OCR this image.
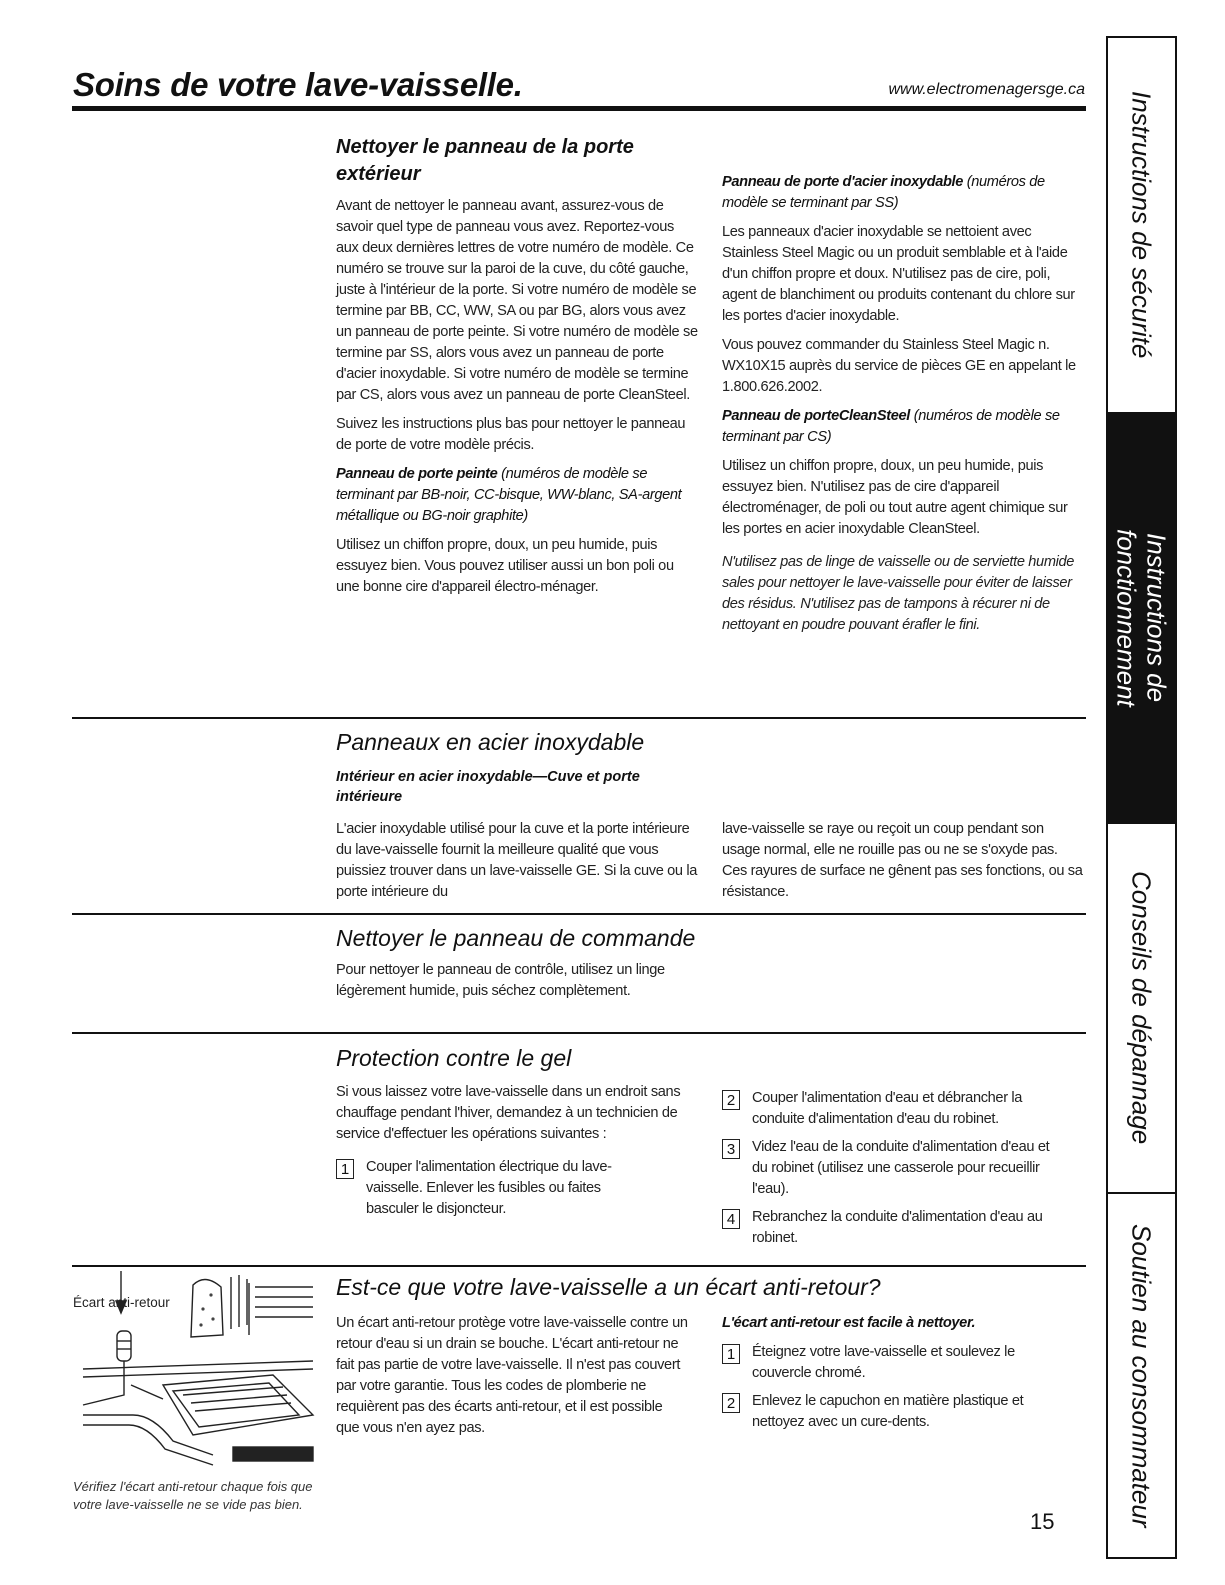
Soins de votre lave-vaisselle.	www.electromenagersge.ca
Nettoyer le panneau de la porte extérieur

Avant de nettoyer le panneau avant, assurez-vous de savoir quel type de panneau vous avez. Reportez-vous aux deux dernières lettres de votre numéro de modèle. Ce numéro se trouve sur la paroi de la cuve, du côté gauche, juste à l'intérieur de la porte. Si votre numéro de modèle se termine par BB, CC, WW, SA ou par BG, alors vous avez un panneau de porte peinte. Si votre numéro de modèle se termine par SS, alors vous avez un panneau de porte d'acier inoxydable. Si votre numéro de modèle se termine par CS, alors vous avez un panneau de porte CleanSteel.

Suivez les instructions plus bas pour nettoyer le panneau de porte de votre modèle précis.

Panneau de porte peinte (numéros de modèle se terminant par BB-noir, CC-bisque, WW-blanc, SA-argent métallique ou BG-noir graphite)

Utilisez un chiffon propre, doux, un peu humide, puis essuyez bien. Vous pouvez utiliser aussi un bon poli ou une bonne cire d'appareil électro-ménager.

Panneau de porte d'acier inoxydable (numéros de modèle se terminant par SS)

Les panneaux d'acier inoxydable se nettoient avec Stainless Steel Magic ou un produit semblable et à l'aide d'un chiffon propre et doux. N'utilisez pas de cire, poli, agent de blanchiment ou produits contenant du chlore sur les portes d'acier inoxydable.

Vous pouvez commander du Stainless Steel Magic n. WX10X15 auprès du service de pièces GE en appelant le 1.800.626.2002.

Panneau de porteCleanSteel (numéros de modèle se terminant par CS)

Utilisez un chiffon propre, doux, un peu humide, puis essuyez bien. N'utilisez pas de cire d'appareil électroménager, de poli ou tout autre agent chimique sur les portes en acier inoxydable CleanSteel.

N'utilisez pas de linge de vaisselle ou de serviette humide sales pour nettoyer le lave-vaisselle pour éviter de laisser des résidus. N'utilisez pas de tampons à récurer ni de nettoyant en poudre pouvant érafler le fini.

Panneaux en acier inoxydable
Intérieur en acier inoxydable—Cuve et porte intérieure

L'acier inoxydable utilisé pour la cuve et la porte intérieure du lave-vaisselle fournit la meilleure qualité que vous puissiez trouver dans un lave-vaisselle GE. Si la cuve ou la porte intérieure du

lave-vaisselle se raye ou reçoit un coup pendant son usage normal, elle ne rouille pas ou ne se s'oxyde pas. Ces rayures de surface ne gênent pas ses fonctions, ou sa résistance.

Nettoyer le panneau de commande

Pour nettoyer le panneau de contrôle, utilisez un linge légèrement humide, puis séchez complètement.

Protection contre le gel

Si vous laissez votre lave-vaisselle dans un endroit sans chauffage pendant l'hiver, demandez à un technicien de service d'effectuer les opérations suivantes :

1	Couper l'alimentation électrique du lave-vaisselle. Enlever les fusibles ou faites basculer le disjoncteur.
2	Couper l'alimentation d'eau et débrancher la conduite d'alimentation d'eau du robinet.
3	Videz l'eau de la conduite d'alimentation d'eau et du robinet (utilisez une casserole pour recueillir l'eau).
4	Rebranchez la conduite d'alimentation d'eau au robinet.
Est-ce que votre lave-vaisselle a un écart anti-retour?

Un écart anti-retour protège votre lave-vaisselle contre un retour d'eau si un drain se bouche. L'écart anti-retour ne fait pas partie de votre lave-vaisselle. Il n'est pas couvert par votre garantie. Tous les codes de plomberie ne requièrent pas des écarts anti-retour, et il est possible que vous n'en ayez pas.

L'écart anti-retour est facile à nettoyer.

1	Éteignez votre lave-vaisselle et soulevez le couvercle chromé.
2	Enlevez le capuchon en matière plastique et nettoyez avec un cure-dents.
Écart anti-retour
Vérifiez l'écart anti-retour chaque fois que votre lave-vaisselle ne se vide pas bien.
Instructions de sécurité
Instructions de
fonctionnement
Conseils de dépannage
Soutien au consommateur
15
